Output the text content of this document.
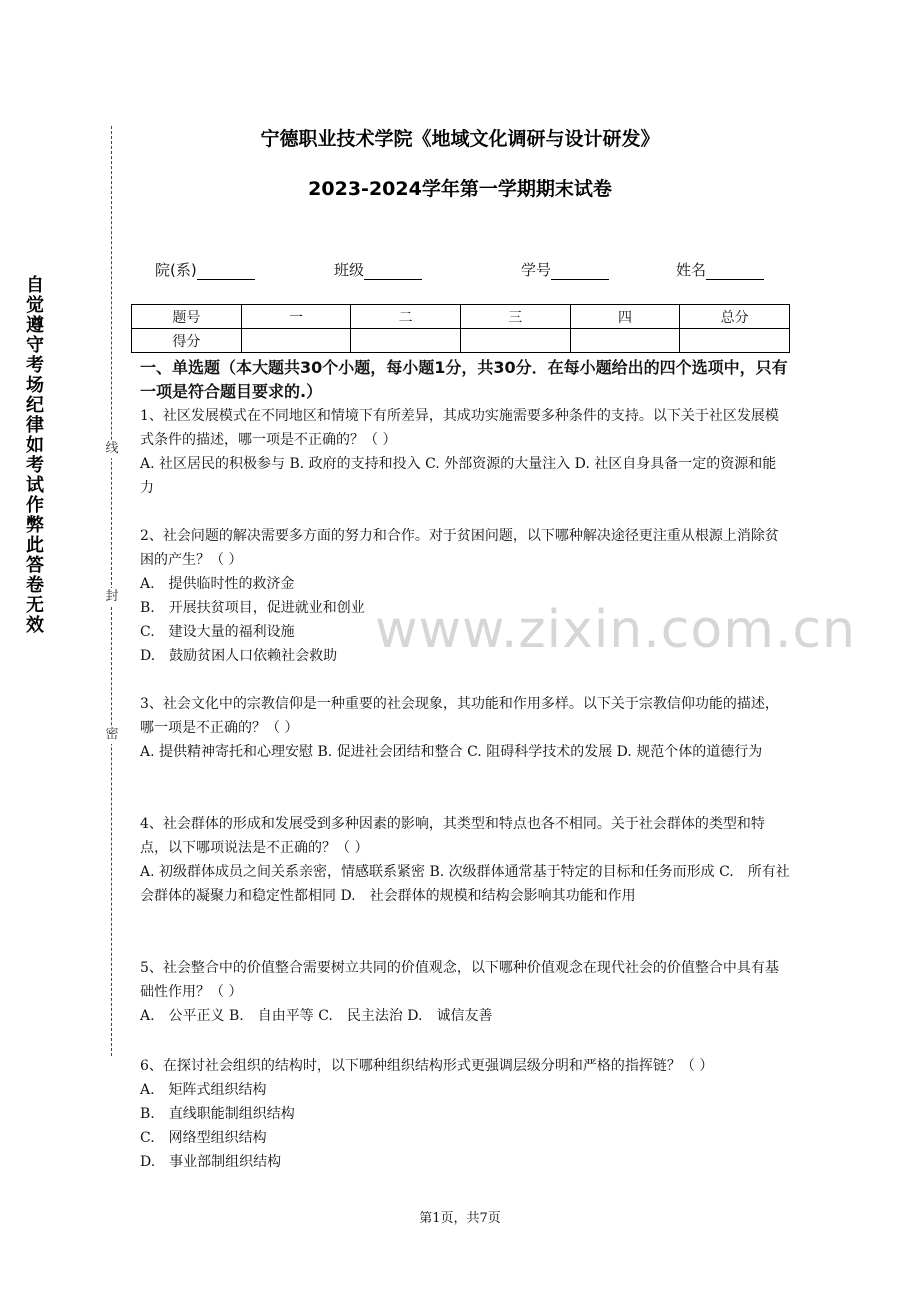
自觉遵守考场纪律如考试作弊此答卷无效
线
封
密
宁德职业技术学院《地域文化调研与设计研发》
2023-2024学年第一学期期末试卷
院(系)	班级	学号	姓名
题号	一	二	三	四	总分
得分					
一、单选题（本大题共30个小题，每小题1分，共30分．在每小题给出的四个选项中，只有一项是符合题目要求的.）
www.zixin.com.cn

1、社区发展模式在不同地区和情境下有所差异，其成功实施需要多种条件的支持。以下关于社区发展模式条件的描述，哪一项是不正确的？（ ）

A. 社区居民的积极参与 B. 政府的支持和投入 C. 外部资源的大量注入 D. 社区自身具备一定的资源和能力

2、社会问题的解决需要多方面的努力和合作。对于贫困问题，以下哪种解决途径更注重从根源上消除贫困的产生？（ ）

A.　提供临时性的救济金

B.　开展扶贫项目，促进就业和创业

C.　建设大量的福利设施

D.　鼓励贫困人口依赖社会救助

3、社会文化中的宗教信仰是一种重要的社会现象，其功能和作用多样。以下关于宗教信仰功能的描述，哪一项是不正确的？（ ）

A. 提供精神寄托和心理安慰 B. 促进社会团结和整合 C. 阻碍科学技术的发展 D. 规范个体的道德行为

4、社会群体的形成和发展受到多种因素的影响，其类型和特点也各不相同。关于社会群体的类型和特点，以下哪项说法是不正确的？（ ）

A. 初级群体成员之间关系亲密，情感联系紧密 B. 次级群体通常基于特定的目标和任务而形成 C.　所有社会群体的凝聚力和稳定性都相同 D.　社会群体的规模和结构会影响其功能和作用

5、社会整合中的价值整合需要树立共同的价值观念，以下哪种价值观念在现代社会的价值整合中具有基础性作用？（ ）

A.　公平正义 B.　自由平等 C.　民主法治 D.　诚信友善

6、在探讨社会组织的结构时，以下哪种组织结构形式更强调层级分明和严格的指挥链？（ ）

A.　矩阵式组织结构

B.　直线职能制组织结构

C.　网络型组织结构

D.　事业部制组织结构

第1页，共7页
